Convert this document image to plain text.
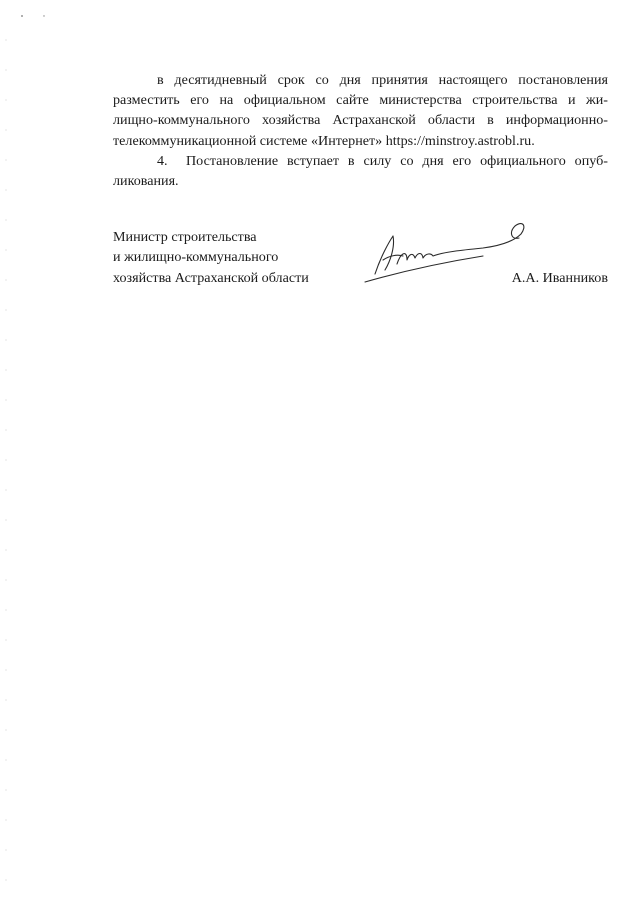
в десятидневный срок со дня принятия настоящего постановления
разместить его на официальном сайте министерства строительства и жи-
лищно-коммунального хозяйства Астраханской области в информационно-
телекоммуникационной системе «Интернет» https://minstroy.astrobl.ru.
4. Постановление вступает в силу со дня его официального опуб-
ликования.
Министр строительства
и жилищно-коммунального
хозяйства Астраханской области	А.А. Иванников
